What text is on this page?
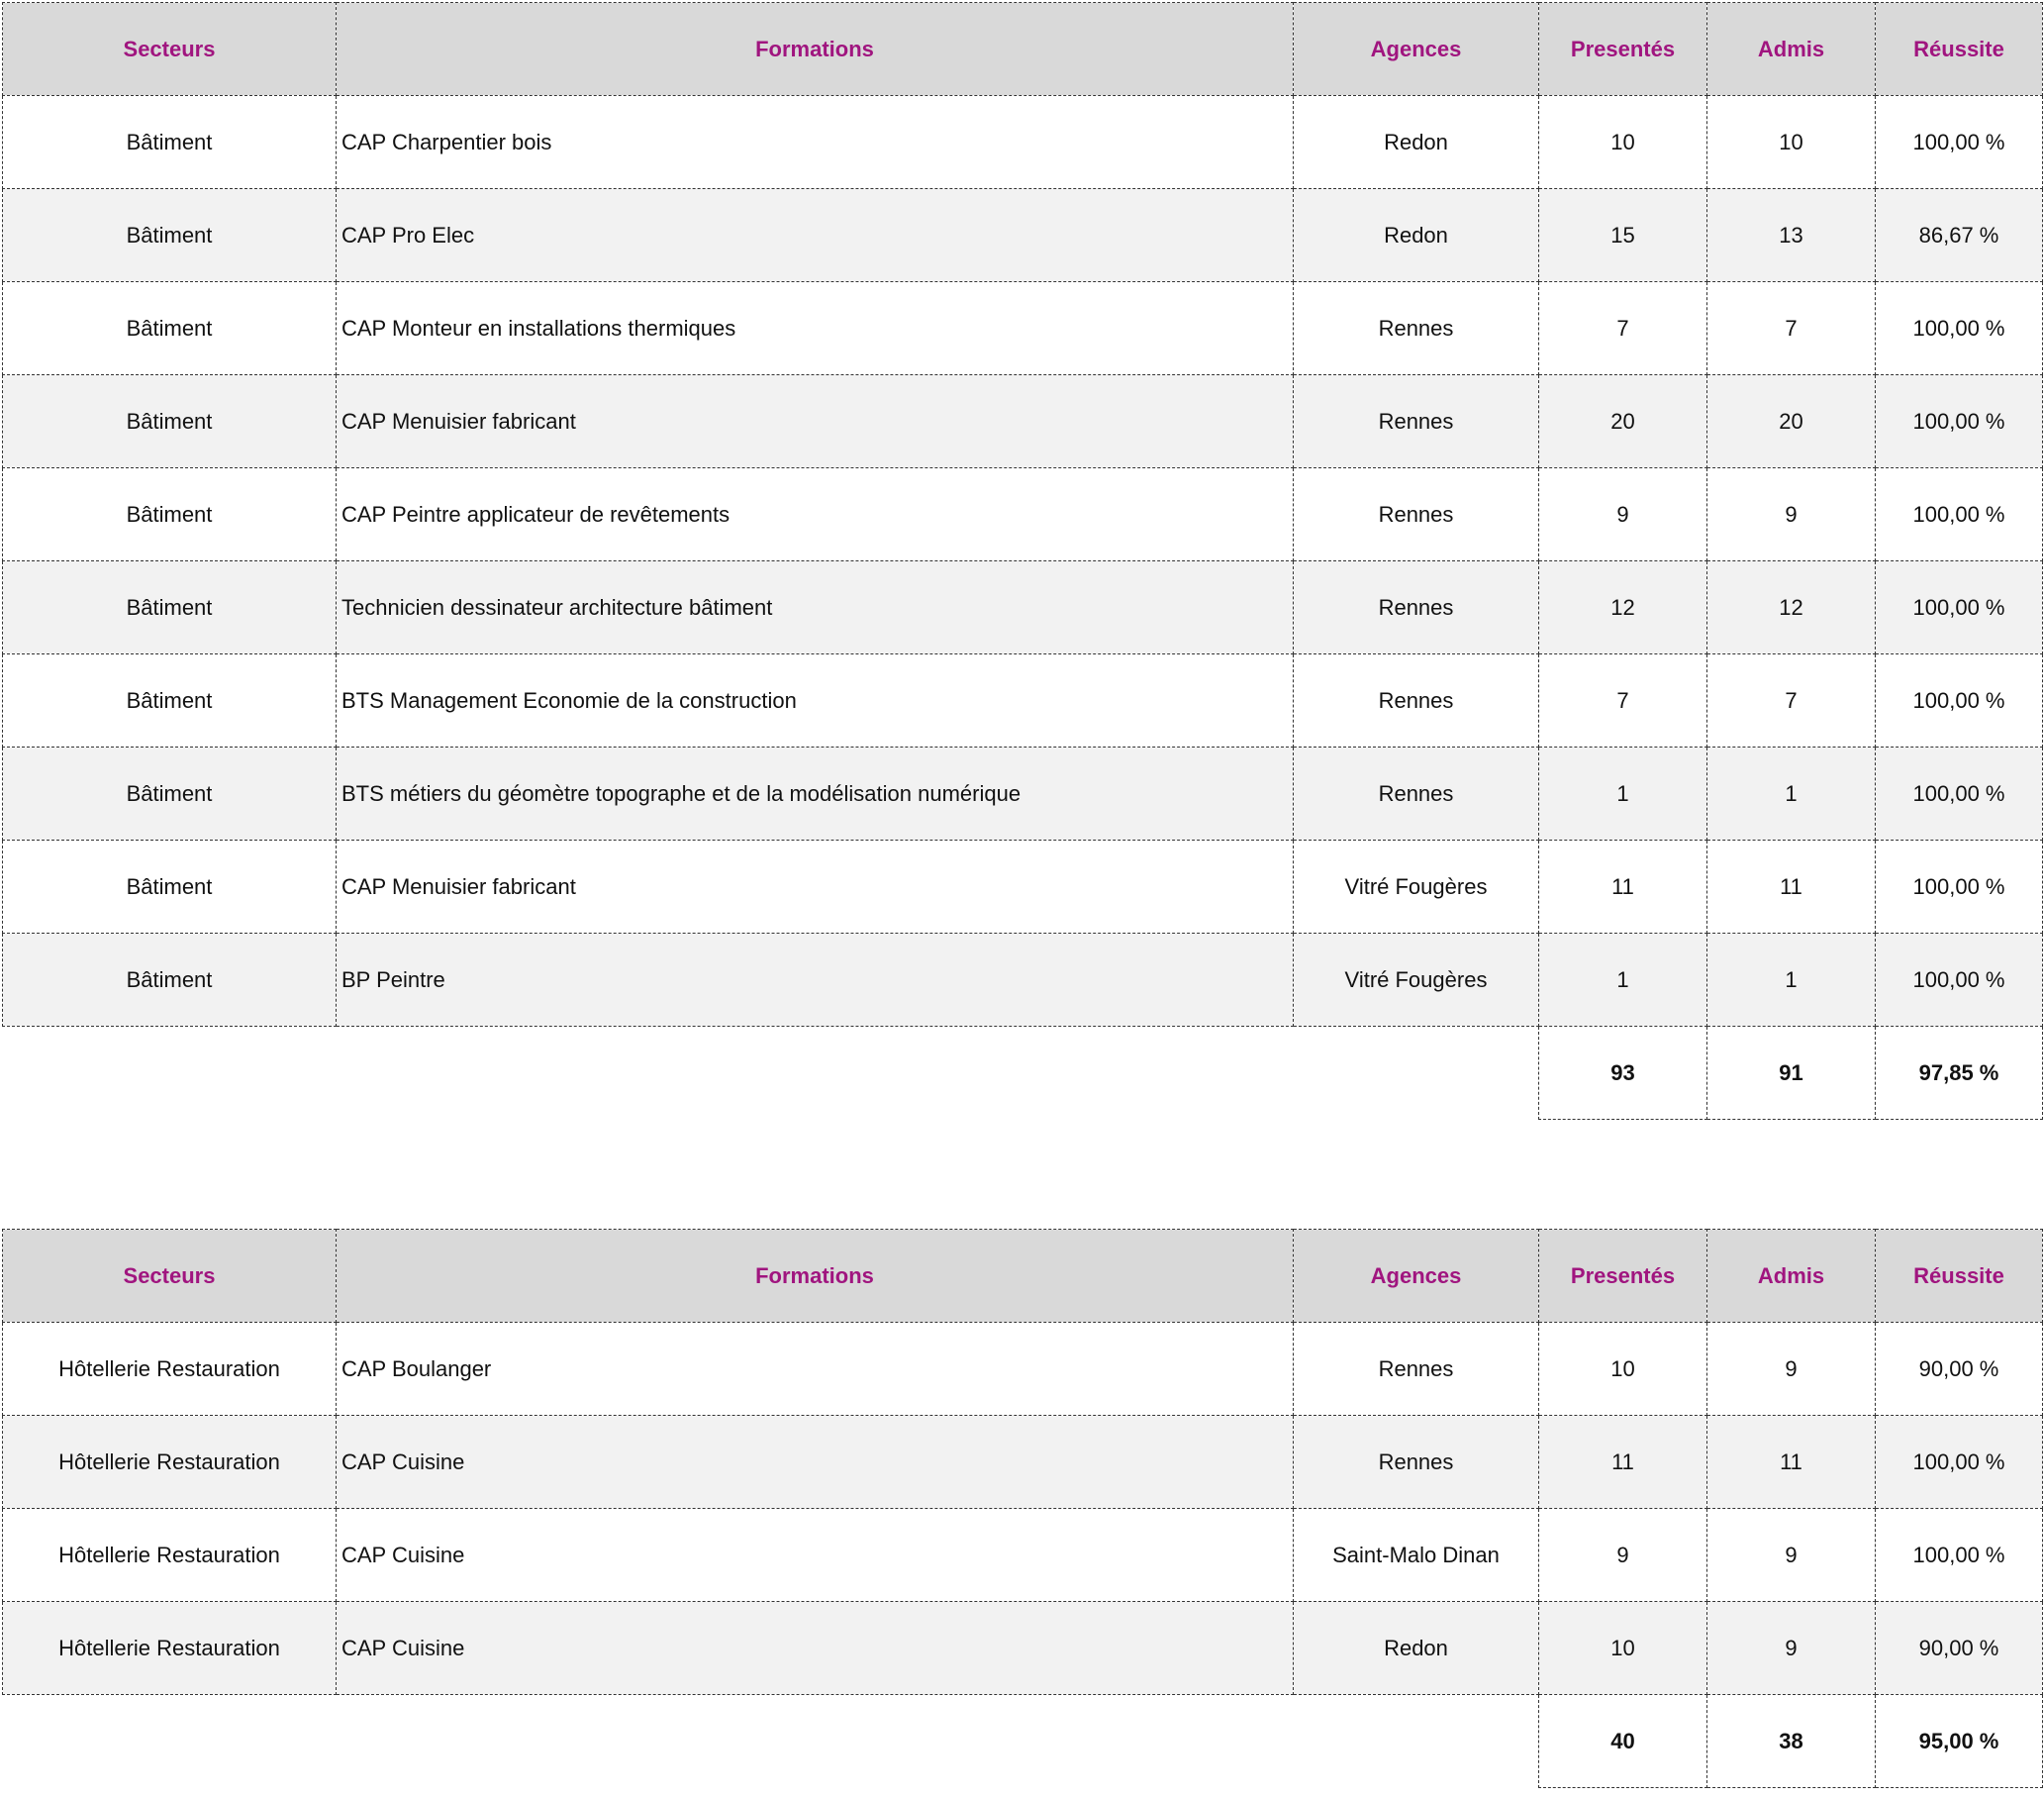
Secteurs	Formations	Agences	Presentés	Admis	Réussite
Bâtiment	CAP Charpentier bois	Redon	10	10	100,00 %
Bâtiment	CAP Pro Elec	Redon	15	13	86,67 %
Bâtiment	CAP Monteur en installations thermiques	Rennes	7	7	100,00 %
Bâtiment	CAP Menuisier fabricant	Rennes	20	20	100,00 %
Bâtiment	CAP Peintre applicateur de revêtements	Rennes	9	9	100,00 %
Bâtiment	Technicien dessinateur architecture bâtiment	Rennes	12	12	100,00 %
Bâtiment	BTS Management Economie de la construction	Rennes	7	7	100,00 %
Bâtiment	BTS métiers du géomètre topographe et de la modélisation numérique	Rennes	1	1	100,00 %
Bâtiment	CAP Menuisier fabricant	Vitré Fougères	11	11	100,00 %
Bâtiment	BP Peintre	Vitré Fougères	1	1	100,00 %
			93	91	97,85 %
Secteurs	Formations	Agences	Presentés	Admis	Réussite
Hôtellerie Restauration	CAP Boulanger	Rennes	10	9	90,00 %
Hôtellerie Restauration	CAP Cuisine	Rennes	11	11	100,00 %
Hôtellerie Restauration	CAP Cuisine	Saint-Malo Dinan	9	9	100,00 %
Hôtellerie Restauration	CAP Cuisine	Redon	10	9	90,00 %
			40	38	95,00 %
